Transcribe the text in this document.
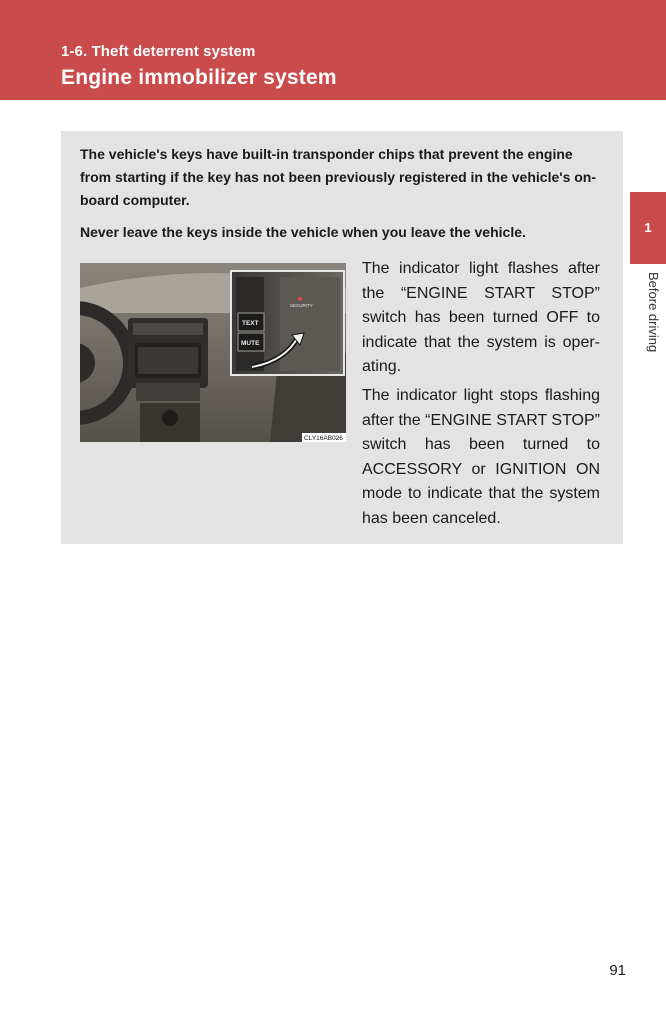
1-6. Theft deterrent system
Engine immobilizer system
1
Before driving

The vehicle's keys have built-in transponder chips that prevent the engine from starting if the key has not been previously registered in the vehicle's on-board computer.

Never leave the keys inside the vehicle when you leave the vehicle.

TEXT
MUTE
SECURITY
CLY16AB026

The indicator light flashes after the “ENGINE START STOP” switch has been turned OFF to indicate that the system is oper-ating.

The indicator light stops flashing after the “ENGINE START STOP” switch has been turned to ACCESSORY or IGNITION ON mode to indicate that the system has been canceled.

91
